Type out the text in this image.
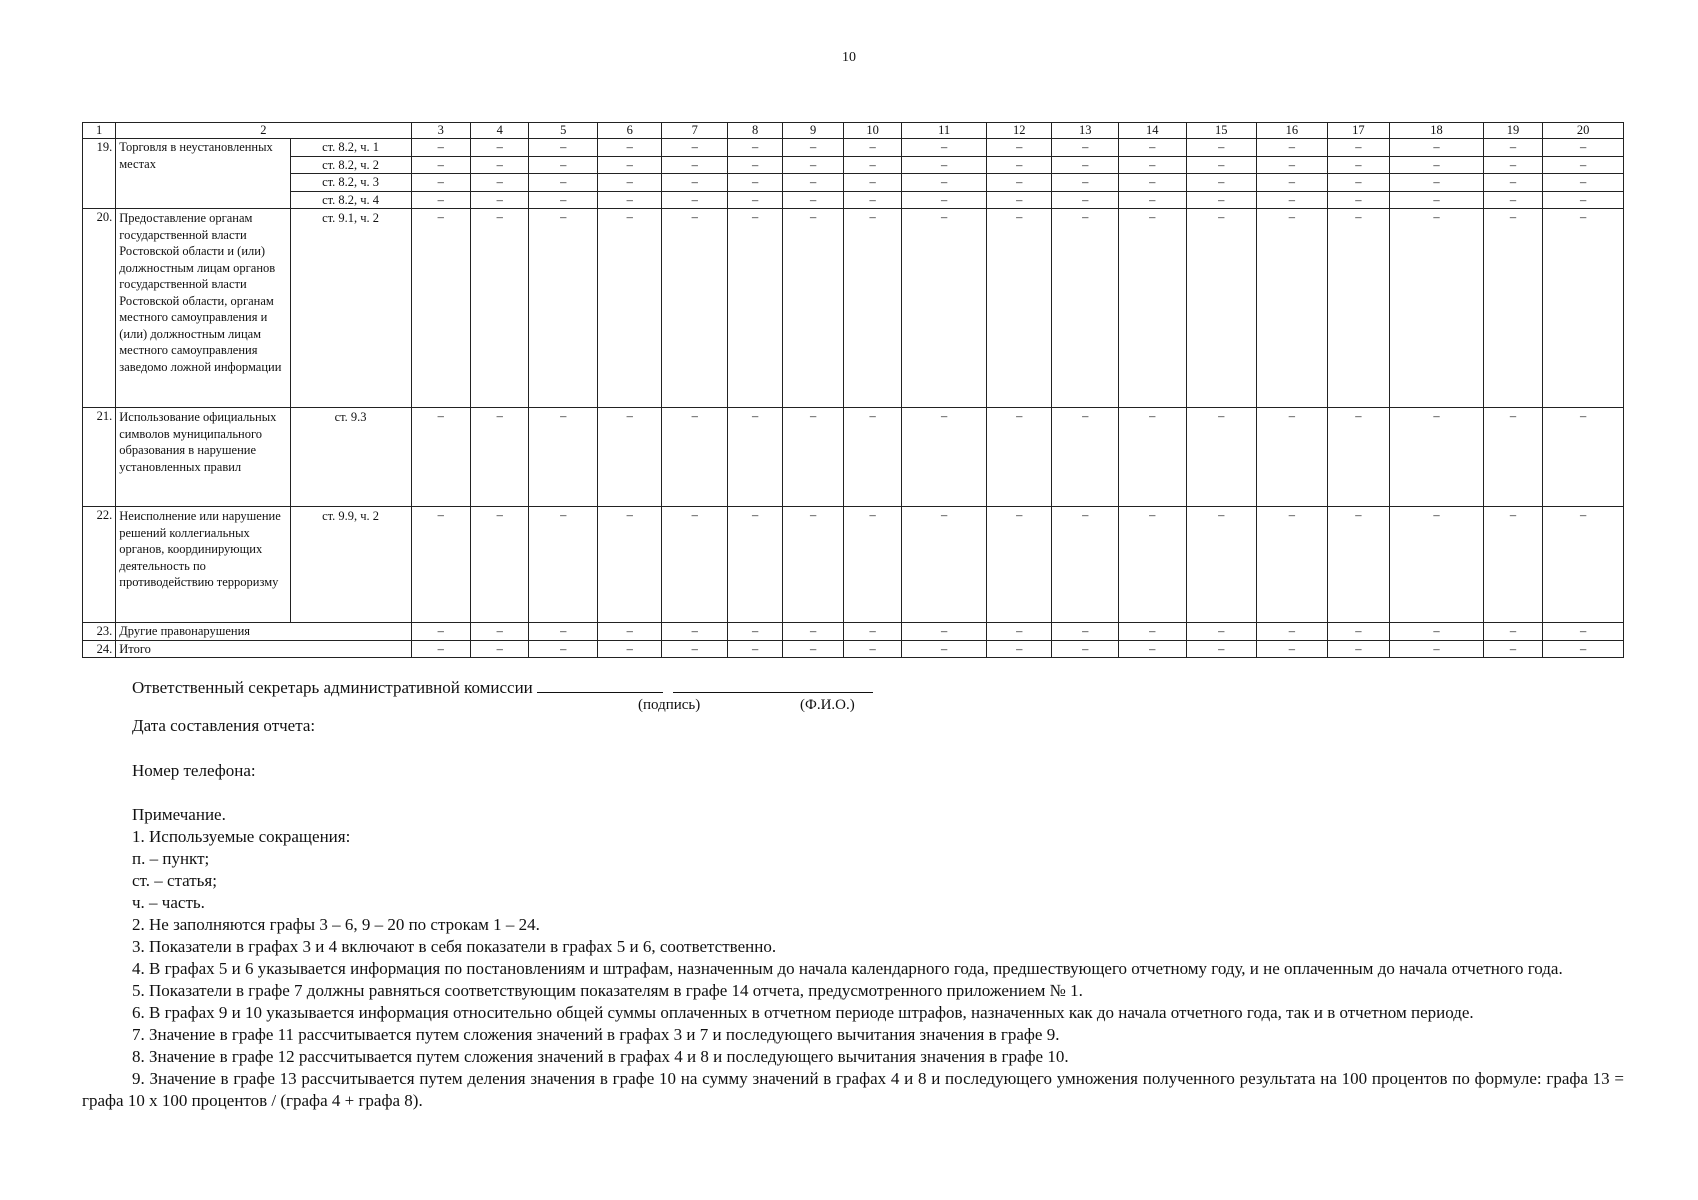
10
1	2		3	4	5	6	7	8	9	10	11	12	13	14	15	16	17	18	19	20
19.	Торговля в неустановленных местах	ст. 8.2, ч. 1	–	–	–	–	–	–	–	–	–	–	–	–	–	–	–	–	–	–
		ст. 8.2, ч. 2	–	–	–	–	–	–	–	–	–	–	–	–	–	–	–	–	–	–
		ст. 8.2, ч. 3	–	–	–	–	–	–	–	–	–	–	–	–	–	–	–	–	–	–
		ст. 8.2, ч. 4	–	–	–	–	–	–	–	–	–	–	–	–	–	–	–	–	–	–
20.	Предоставление органам государственной власти Ростовской области и (или) должностным лицам органов государственной власти Ростовской области, органам местного самоуправления и (или) должностным лицам местного самоуправления заведомо ложной информации	ст. 9.1, ч. 2	–	–	–	–	–	–	–	–	–	–	–	–	–	–	–	–	–	–
21.	Использование официальных символов муниципального образования в нарушение установленных правил	ст. 9.3	–	–	–	–	–	–	–	–	–	–	–	–	–	–	–	–	–	–
22.	Неисполнение или нарушение решений коллегиальных органов, координирующих деятельность по противодействию терроризму	ст. 9.9, ч. 2	–	–	–	–	–	–	–	–	–	–	–	–	–	–	–	–	–	–
23.	Другие правонарушения		–	–	–	–	–	–	–	–	–	–	–	–	–	–	–	–	–	–
24.	Итого		–	–	–	–	–	–	–	–	–	–	–	–	–	–	–	–	–	–
Ответственный секретарь административной комиссии
(подпись)	(Ф.И.О.)
Дата составления отчета:
Номер телефона:

Примечание.

1. Используемые сокращения:

п. – пункт;

ст. – статья;

ч. – часть.

2. Не заполняются графы 3 – 6, 9 – 20 по строкам 1 – 24.

3. Показатели в графах 3 и 4 включают в себя показатели в графах 5 и 6, соответственно.

4. В графах 5 и 6 указывается информация по постановлениям и штрафам, назначенным до начала календарного года, предшествующего отчетному году, и не оплаченным до начала отчетного года.

5. Показатели в графе 7 должны равняться соответствующим показателям в графе 14 отчета, предусмотренного приложением № 1.

6. В графах 9 и 10 указывается информация относительно общей суммы оплаченных в отчетном периоде штрафов, назначенных как до начала отчетного года, так и в отчетном периоде.

7. Значение в графе 11 рассчитывается путем сложения значений в графах 3 и 7 и последующего вычитания значения в графе 9.

8. Значение в графе 12 рассчитывается путем сложения значений в графах 4 и 8 и последующего вычитания значения в графе 10.

9. Значение в графе 13 рассчитывается путем деления значения в графе 10 на сумму значений в графах 4 и 8 и последующего умножения полученного результата на 100 процентов по формуле: графа 13 = графа 10 x 100 процентов / (графа 4 + графа 8).
